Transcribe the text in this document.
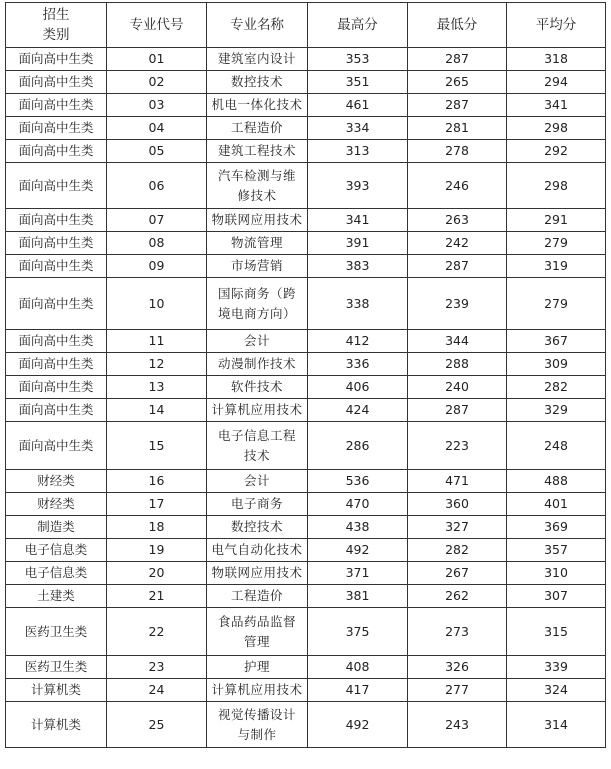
招生
类别	专业代号	专业名称	最高分	最低分	平均分
面向高中生类	01	建筑室内设计	353	287	318
面向高中生类	02	数控技术	351	265	294
面向高中生类	03	机电一体化技术	461	287	341
面向高中生类	04	工程造价	334	281	298
面向高中生类	05	建筑工程技术	313	278	292
面向高中生类	06	汽车检测与维修技术	393	246	298
面向高中生类	07	物联网应用技术	341	263	291
面向高中生类	08	物流管理	391	242	279
面向高中生类	09	市场营销	383	287	319
面向高中生类	10	国际商务（跨境电商方向）	338	239	279
面向高中生类	11	会计	412	344	367
面向高中生类	12	动漫制作技术	336	288	309
面向高中生类	13	软件技术	406	240	282
面向高中生类	14	计算机应用技术	424	287	329
面向高中生类	15	电子信息工程技术	286	223	248
财经类	16	会计	536	471	488
财经类	17	电子商务	470	360	401
制造类	18	数控技术	438	327	369
电子信息类	19	电气自动化技术	492	282	357
电子信息类	20	物联网应用技术	371	267	310
土建类	21	工程造价	381	262	307
医药卫生类	22	食品药品监督管理	375	273	315
医药卫生类	23	护理	408	326	339
计算机类	24	计算机应用技术	417	277	324
计算机类	25	视觉传播设计与制作	492	243	314
